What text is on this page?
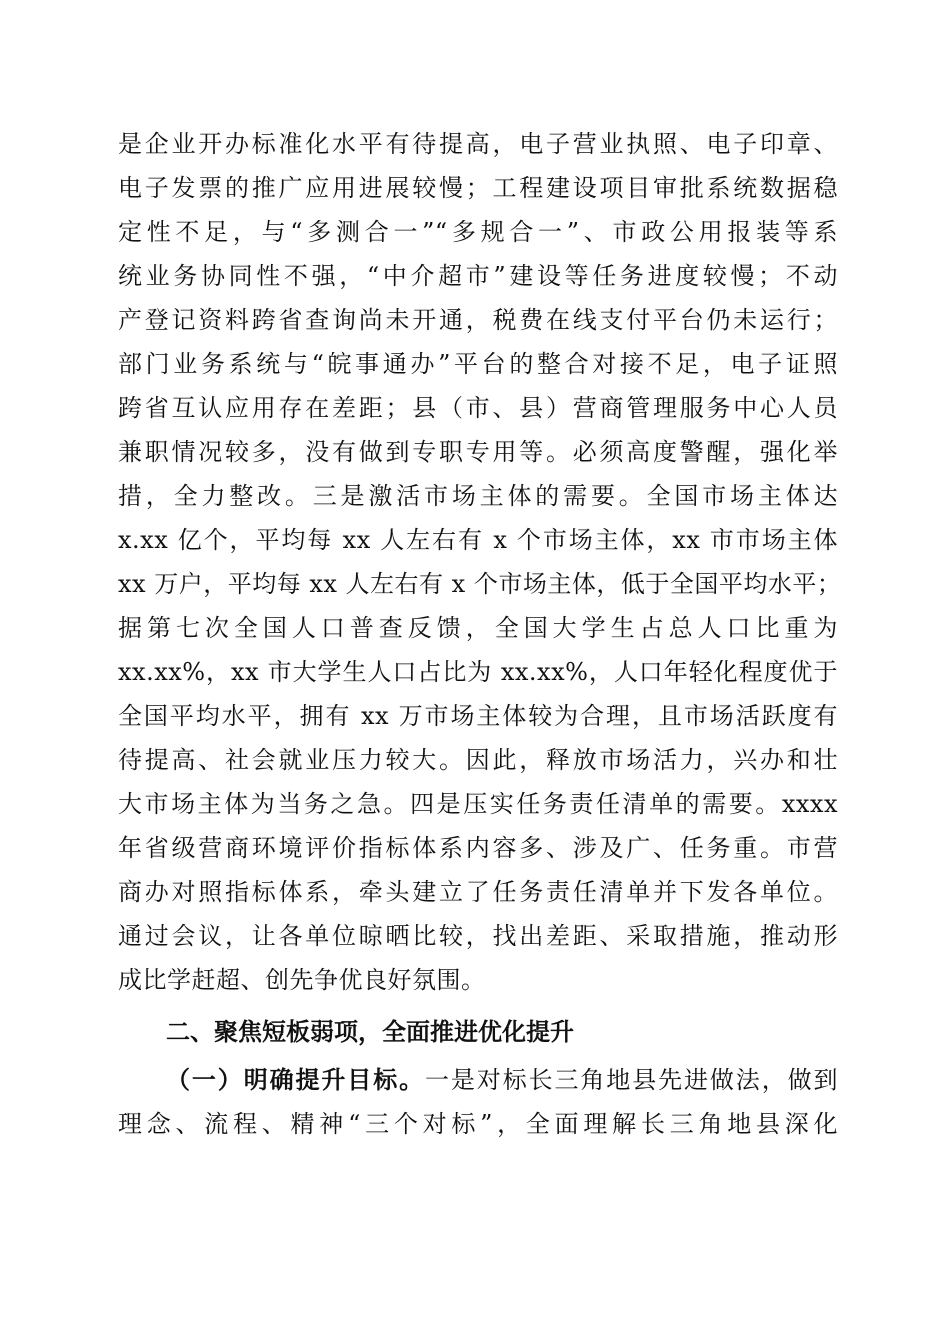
是企业开办标准化水平有待提高，电子营业执照、电子印章、
电子发票的推广应用进展较慢；工程建设项目审批系统数据稳
定性不足，与“多测合一”“多规合一”、市政公用报装等系
统业务协同性不强，“中介超市”建设等任务进度较慢；不动
产登记资料跨省查询尚未开通，税费在线支付平台仍未运行；
部门业务系统与“皖事通办”平台的整合对接不足，电子证照
跨省互认应用存在差距；县（市、县）营商管理服务中心人员
兼职情况较多，没有做到专职专用等。必须高度警醒，强化举
措，全力整改。三是激活市场主体的需要。全国市场主体达
x.xx 亿个，平均每 xx 人左右有 x 个市场主体，xx 市市场主体
xx 万户，平均每 xx 人左右有 x 个市场主体，低于全国平均水平；
据第七次全国人口普查反馈，全国大学生占总人口比重为
xx.xx%，xx 市大学生人口占比为 xx.xx%，人口年轻化程度优于
全国平均水平，拥有 xx 万市场主体较为合理，且市场活跃度有
待提高、社会就业压力较大。因此，释放市场活力，兴办和壮
大市场主体为当务之急。四是压实任务责任清单的需要。xxxx
年省级营商环境评价指标体系内容多、涉及广、任务重。市营
商办对照指标体系，牵头建立了任务责任清单并下发各单位。
通过会议，让各单位晾晒比较，找出差距、采取措施，推动形
成比学赶超、创先争优良好氛围。
二、聚焦短板弱项，全面推进优化提升
（一）明确提升目标。一是对标长三角地县先进做法，做到
理念、流程、精神“三个对标”，全面理解长三角地县深化
